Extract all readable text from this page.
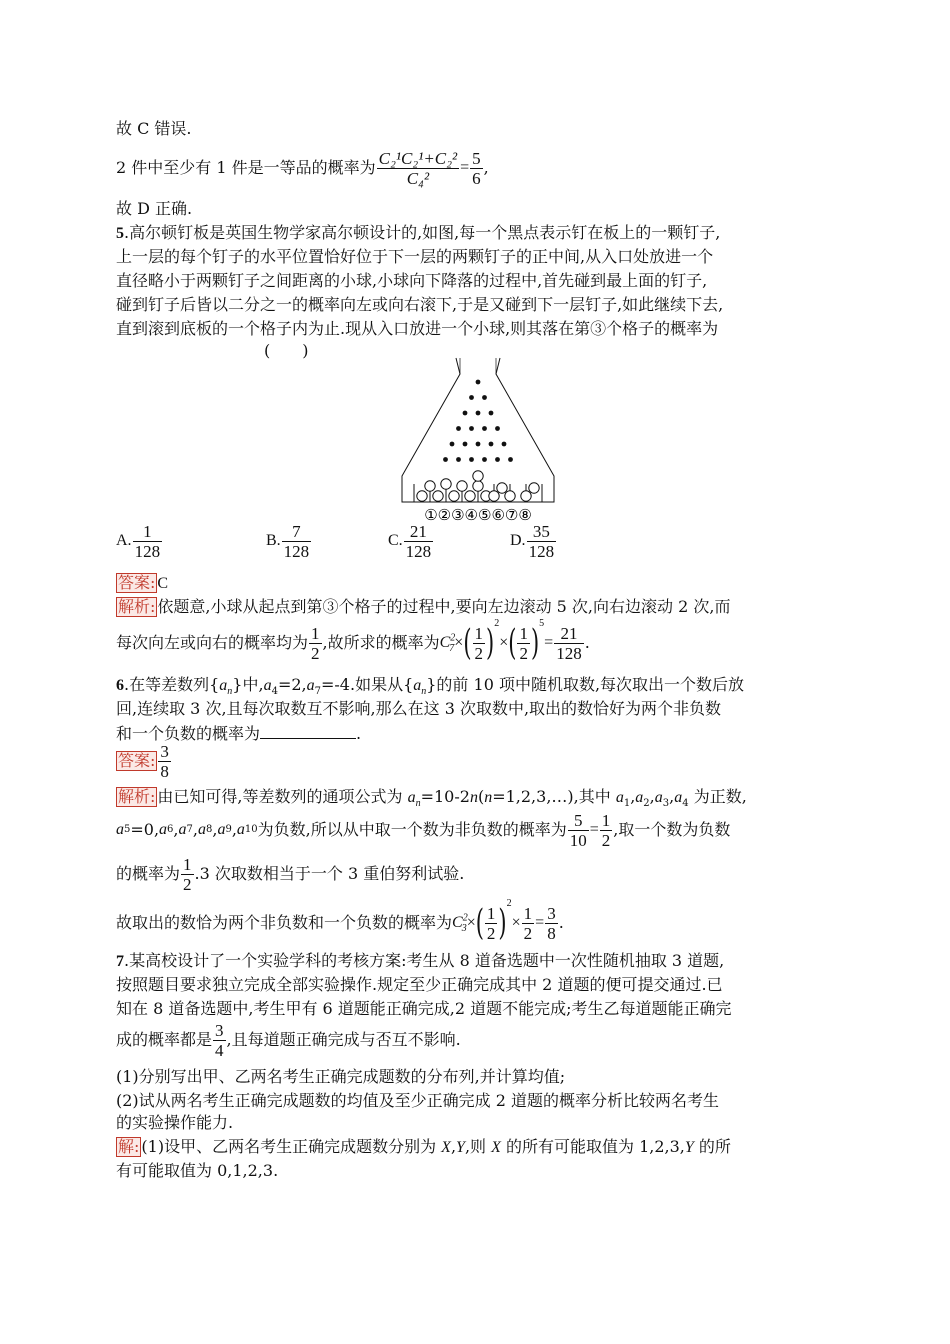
故 C 错误.
2 件中至少有 1 件是一等品的概率为 $\frac{\text{C₂¹C₂¹+C₂²}}{\text{C₄²}} = \frac{5}{6}$ ,
故 D 正确.
5.高尔顿钉板是英国生物学家高尔顿设计的,如图,每一个黑点表示钉在板上的一颗钉子,
上一层的每个钉子的水平位置恰好位于下一层的两颗钉子的正中间,从入口处放进一个
直径略小于两颗钉子之间距离的小球,小球向下降落的过程中,首先碰到最上面的钉子,
碰到钉子后皆以二分之一的概率向左或向右滚下,于是又碰到下一层钉子,如此继续下去,
直到滚到底板的一个格子内为止.现从入口放进一个小球,则其落在第③个格子的概率为
(　　)
①②③④⑤⑥⑦⑧
A. $\frac{1}{128}$	B. $\frac{7}{128}$	C. $\frac{21}{128}$	D. $\frac{35}{128}$
答案: C
解析: 依题意,小球从起点到第③个格子的过程中,要向左边滚动 5 次,向右边滚动 2 次,而
每次向左或向右的概率均为 $\frac{1}{2}$ ,故所求的概率为 $C^2_7$ × ( $\frac{1}{2}$ ) 2
× ( $\frac{1}{2}$ ) 5
= $\frac{21}{128}$ .
6.在等差数列$\{a_n\}$中$,a_4=2,a_7=-4$.如果从$\{a_n\}$的前 10 项中随机取数,每次取出一个数后放
回,连续取 3 次,且每次取数互不影响,那么在这 3 次取数中,取出的数恰好为两个非负数
和一个负数的概率为	.
答案: $\frac{3}{8}$
解析: 由已知可得,等差数列的通项公式为 $a_n=10-2n(n=1,2,3,\dots)$,其中 $a_1,a_2,a_3,a_4$ 为正数,
a 5 =0, a 6 , a 7 , a 8 , a 9 , a 10 为负数,所以从中取一个数为非负数的概率为 $\frac{5}{10} = \frac{1}{2}$ ,取一个数为负数
的概率为 $\frac{1}{2} .3$ 次取数相当于一个 3 重伯努利试验.
故取出的数恰为两个非负数和一个负数的概率为 $C^2_3$ × ( $\frac{1}{2}$ ) 2
× $\frac{1}{2} = \frac{3}{8}$ .
7.某高校设计了一个实验学科的考核方案:考生从 8 道备选题中一次性随机抽取 3 道题,
按照题目要求独立完成全部实验操作.规定至少正确完成其中 2 道题的便可提交通过.已
知在 8 道备选题中,考生甲有 6 道题能正确完成,2 道题不能完成;考生乙每道题能正确完
成的概率都是 $\frac{3}{4}$ ,且每道题正确完成与否互不影响.
(1)分别写出甲、乙两名考生正确完成题数的分布列,并计算均值;
(2)试从两名考生正确完成题数的均值及至少正确完成 2 道题的概率分析比较两名考生
的实验操作能力.
解: (1)设甲、乙两名考生正确完成题数分别为 X,Y,则 X 的所有可能取值为 1,2,3,Y 的所
有可能取值为 0,1,2,3.
